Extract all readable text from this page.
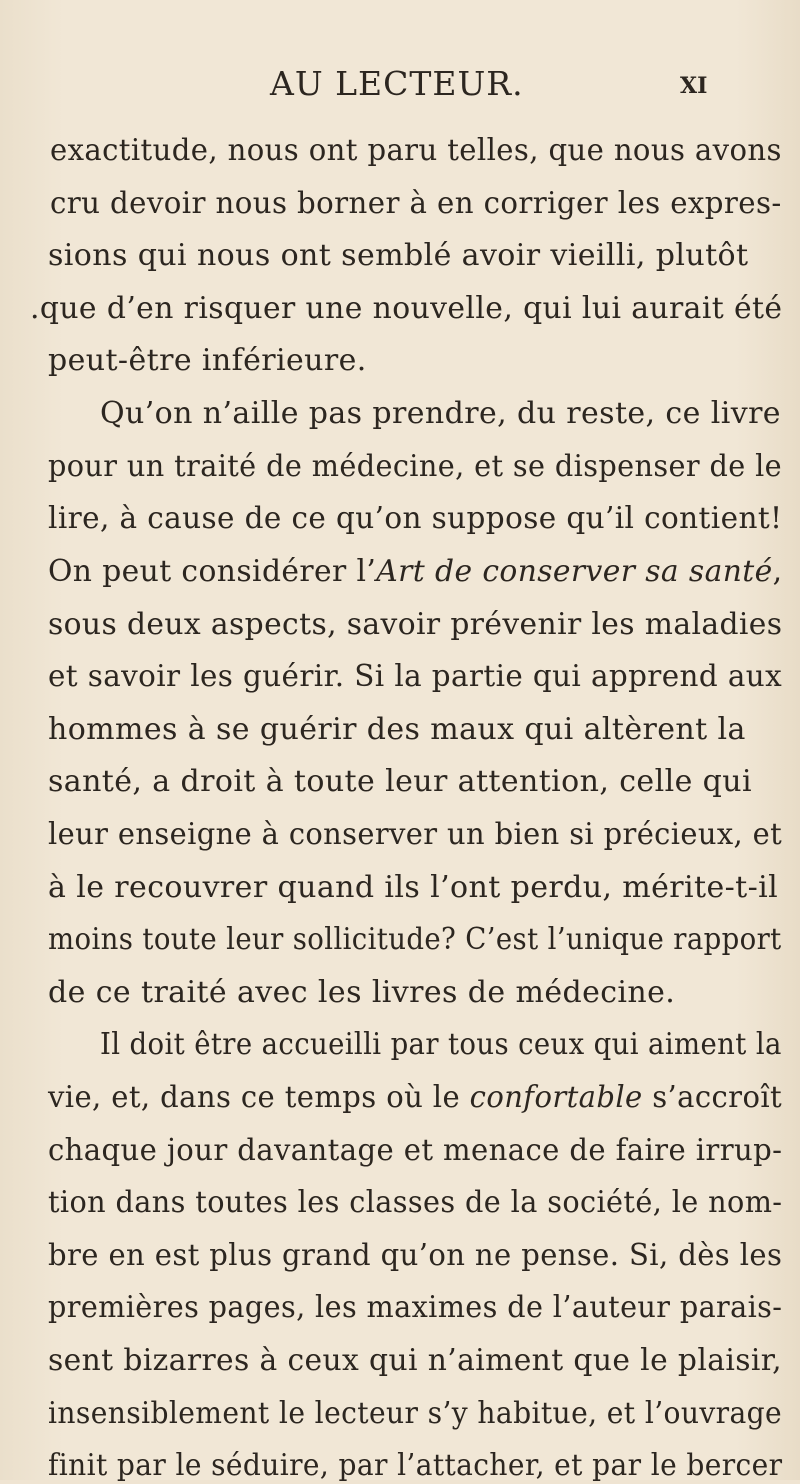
AU LECTEUR.	XI
exactitude, nous ont paru telles, que nous avons
cru devoir nous borner à en corriger les expres-
sions qui nous ont semblé avoir vieilli, plutôt
.que d’en risquer une nouvelle, qui lui aurait été
peut-être inférieure.
Qu’on n’aille pas prendre, du reste, ce livre
pour un traité de médecine, et se dispenser de le
lire, à cause de ce qu’on suppose qu’il contient!
On peut considérer l’Art de conserver sa santé,
sous deux aspects, savoir prévenir les maladies
et savoir les guérir. Si la partie qui apprend aux
hommes à se guérir des maux qui altèrent la
santé, a droit à toute leur attention, celle qui
leur enseigne à conserver un bien si précieux, et
à le recouvrer quand ils l’ont perdu, mérite-t-il
moins toute leur sollicitude? C’est l’unique rapport
de ce traité avec les livres de médecine.
Il doit être accueilli par tous ceux qui aiment la
vie, et, dans ce temps où le confortable s’accroît
chaque jour davantage et menace de faire irrup-
tion dans toutes les classes de la société, le nom-
bre en est plus grand qu’on ne pense. Si, dès les
premières pages, les maximes de l’auteur parais-
sent bizarres à ceux qui n’aiment que le plaisir,
insensiblement le lecteur s’y habitue, et l’ouvrage
finit par le séduire, par l’attacher, et par le bercer
